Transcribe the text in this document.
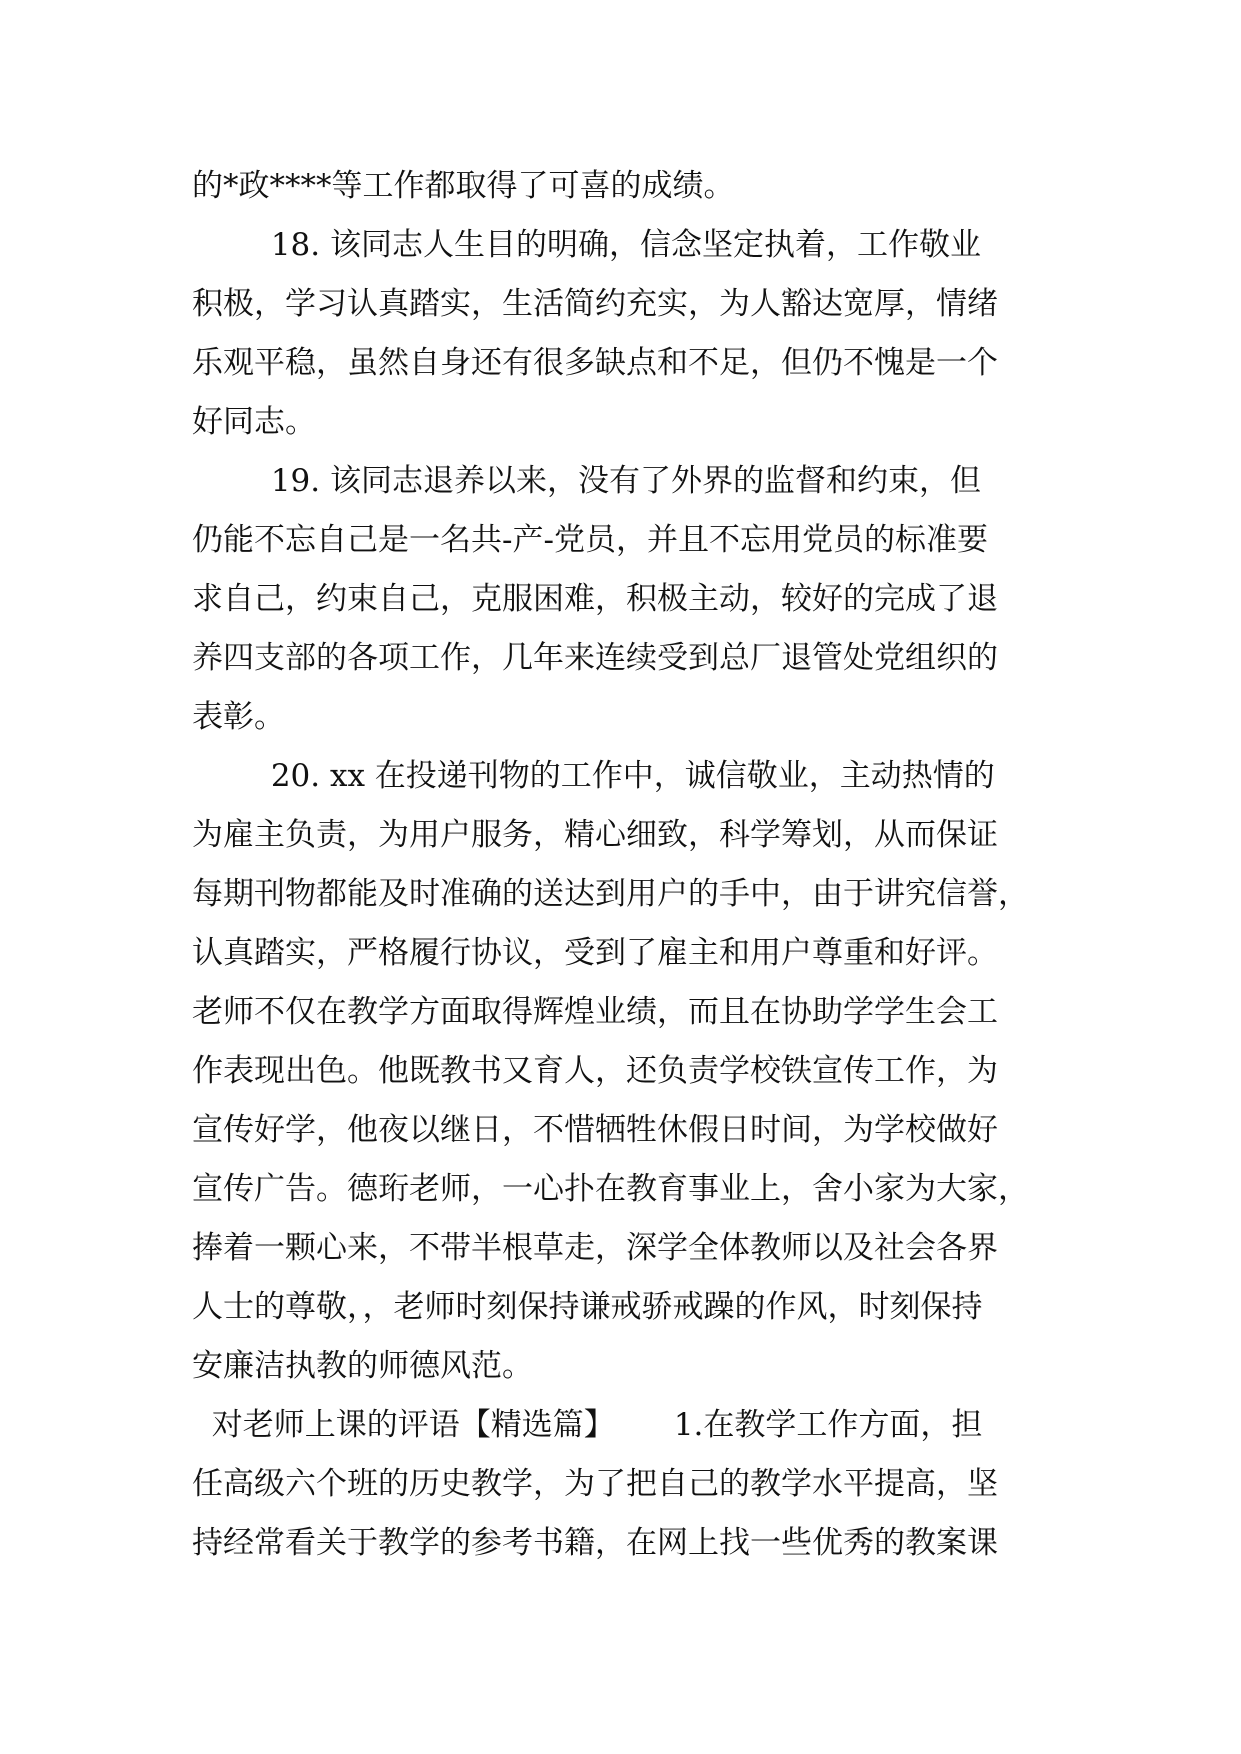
的*政****等工作都取得了可喜的成绩。
18. 该同志人生目的明确，信念坚定执着，工作敬业
积极，学习认真踏实，生活简约充实，为人豁达宽厚，情绪
乐观平稳，虽然自身还有很多缺点和不足，但仍不愧是一个
好同志。
19. 该同志退养以来，没有了外界的监督和约束，但
仍能不忘自己是一名共-产-党员，并且不忘用党员的标准要
求自己，约束自己，克服困难，积极主动，较好的完成了退
养四支部的各项工作，几年来连续受到总厂退管处党组织的
表彰。
20. xx 在投递刊物的工作中，诚信敬业，主动热情的
为雇主负责，为用户服务，精心细致，科学筹划，从而保证
每期刊物都能及时准确的送达到用户的手中，由于讲究信誉，
认真踏实，严格履行协议，受到了雇主和用户尊重和好评。
老师不仅在教学方面取得辉煌业绩，而且在协助学学生会工
作表现出色。他既教书又育人，还负责学校铁宣传工作，为
宣传好学，他夜以继日，不惜牺牲休假日时间，为学校做好
宣传广告。德珩老师，一心扑在教育事业上，舍小家为大家，
捧着一颗心来，不带半根草走，深学全体教师以及社会各界
人士的尊敬，，老师时刻保持谦戒骄戒躁的作风，时刻保持
安廉洁执教的师德风范。
对老师上课的评语【精选篇】      1.在教学工作方面，担
任高级六个班的历史教学，为了把自己的教学水平提高，坚
持经常看关于教学的参考书籍，在网上找一些优秀的教案课
